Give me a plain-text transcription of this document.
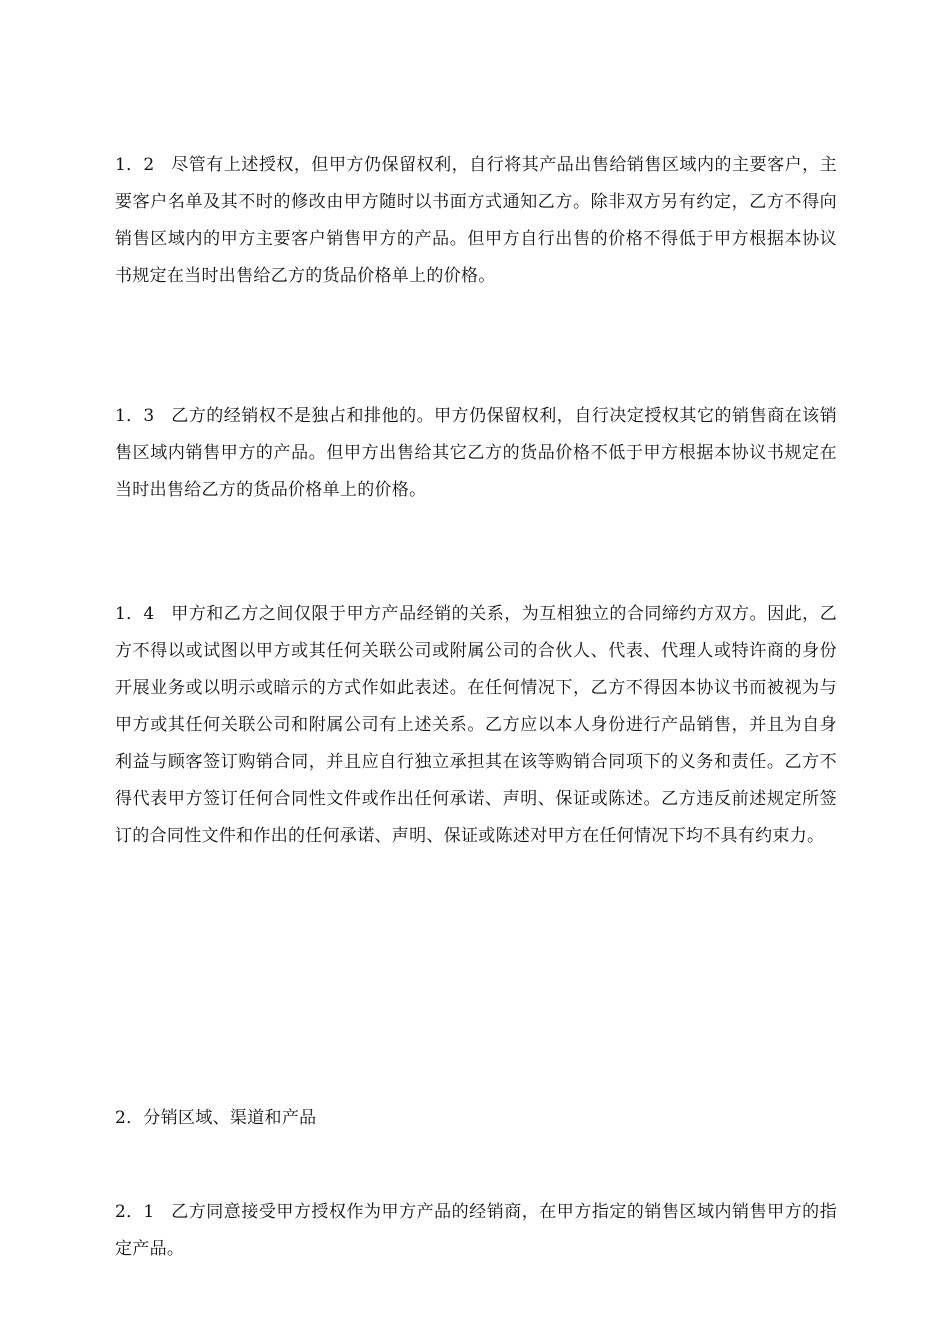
1．2 尽管有上述授权，但甲方仍保留权利，自行将其产品出售给销售区域内的主要客户，主要客户名单及其不时的修改由甲方随时以书面方式通知乙方。除非双方另有约定，乙方不得向销售区域内的甲方主要客户销售甲方的产品。但甲方自行出售的价格不得低于甲方根据本协议书规定在当时出售给乙方的货品价格单上的价格。

1．3 乙方的经销权不是独占和排他的。甲方仍保留权利，自行决定授权其它的销售商在该销售区域内销售甲方的产品。但甲方出售给其它乙方的货品价格不低于甲方根据本协议书规定在当时出售给乙方的货品价格单上的价格。

1．4 甲方和乙方之间仅限于甲方产品经销的关系，为互相独立的合同缔约方双方。因此，乙方不得以或试图以甲方或其任何关联公司或附属公司的合伙人、代表、代理人或特许商的身份开展业务或以明示或暗示的方式作如此表述。在任何情况下，乙方不得因本协议书而被视为与甲方或其任何关联公司和附属公司有上述关系。乙方应以本人身份进行产品销售，并且为自身利益与顾客签订购销合同，并且应自行独立承担其在该等购销合同项下的义务和责任。乙方不得代表甲方签订任何合同性文件或作出任何承诺、声明、保证或陈述。乙方违反前述规定所签订的合同性文件和作出的任何承诺、声明、保证或陈述对甲方在任何情况下均不具有约束力。

2．分销区域、渠道和产品

2．1 乙方同意接受甲方授权作为甲方产品的经销商，在甲方指定的销售区域内销售甲方的指定产品。
